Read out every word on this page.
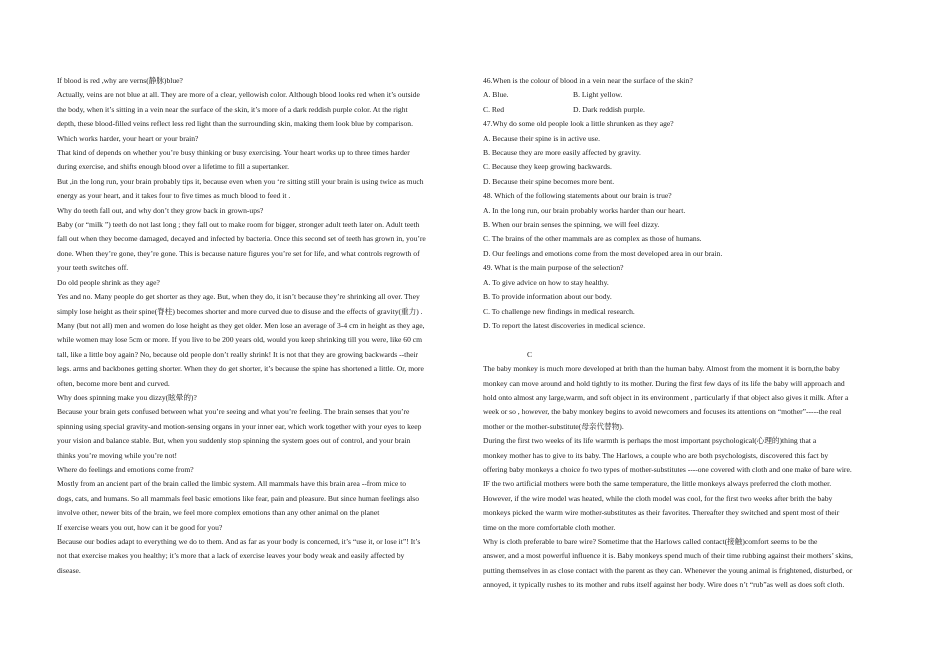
If blood is red ,why are verns(静脉)blue?

Actually, veins are not blue at all. They are more of a clear, yellowish color. Although blood looks red when it’s outside

the body, when it’s sitting in a vein near the surface of the skin, it’s more of a dark reddish purple color. At the right

depth, these blood-filled veins reflect less red light than the surrounding skin, making them look blue by comparison.

Which works harder, your heart or your brain?

That kind of depends on whether you’re busy thinking or busy exercising. Your heart works up to three times harder

during exercise, and shifts enough blood over a lifetime to fill a supertanker.

But ,in the long run, your brain probably tips it, because even when you ‘re sitting still your brain is using twice as much

energy as your heart, and it takes four to five times as much blood to feed it .

Why do teeth fall out, and why don’t they grow back in grown-ups?

Baby (or “milk ”) teeth do not last long ; they fall out to make room for bigger, stronger adult teeth later on. Adult teeth

fall out when they become damaged, decayed and infected by bacteria. Once this second set of teeth has grown in, you’re

done. When they’re gone, they’re gone. This is because nature figures you’re set for life, and what controls regrowth of

your teeth switches off.

Do old people shrink as they age?

Yes and no. Many people do get shorter as they age. But, when they do, it isn’t because they’re shrinking all over. They

simply lose height as their spine(脊柱) becomes shorter and more curved due to disuse and the effects of gravity(重力) .

Many (but not all) men and women do lose height as they get older. Men lose an average of 3-4 cm in height as they age,

while women may lose 5cm or more. If you live to be 200 years old, would you keep shrinking till you were, like 60 cm

tall, like a little boy again? No, because old people don’t really shrink! It is not that they are growing backwards --their

legs. arms and backbones getting shorter. When they do get shorter, it’s because the spine has shortened a little. Or, more

often, become more bent and curved.

Why does spinning make you dizzy(眩晕的)?

Because your brain gets confused between what you’re seeing and what you’re feeling. The brain senses that you’re

spinning using special gravity-and motion-sensing organs in your inner ear, which work together with your eyes to keep

your vision and balance stable. But, when you suddenly stop spinning the system goes out of control, and your brain

thinks you’re moving while you’re not!

Where do feelings and emotions come from?

Mostly from an ancient part of the brain called the limbic system. All mammals have this brain area --from mice to

dogs, cats, and humans. So all mammals feel basic emotions like fear, pain and pleasure. But since human feelings also

involve other, newer bits of the brain, we feel more complex emotions than any other animal on the planet

If exercise wears you out, how can it be good for you?

Because our bodies adapt to everything we do to them. And as far as your body is concerned, it’s “use it, or lose it”! It’s

not that exercise makes you healthy; it’s more that a lack of exercise leaves your body weak and easily affected by

disease.

46.When is the colour of blood in a vein near the surface of the skin?

A. Blue.	B. Light yellow.
C. Red	D. Dark reddish purple.

47.Why do some old people look a little shrunken as they age?

A. Because their spine is in active use.

B. Because they are more easily affected by gravity.

C. Because they keep growing backwards.

D. Because their spine becomes more bent.

48. Which of the following statements about our brain is true?

A. In the long run, our brain probably works harder than our heart.

B. When our brain senses the spinning, we will feel dizzy.

C. The brains of the other mammals are as complex as those of humans.

D. Our feelings and emotions come from the most developed area in our brain.

49. What is the main purpose of the selection?

A. To give advice on how to stay healthy.

B. To provide information about our body.

C. To challenge new findings in medical research.

D. To report the latest discoveries in medical science.

C

The baby monkey is much more developed at brith than the human baby. Almost from the moment it is born,the baby

monkey can move around and hold tightly to its mother. During the first few days of its life the baby will approach and

hold onto almost any large,warm, and soft object in its environment , particularly if that object also gives it milk. After a

week or so , however, the baby monkey begins to avoid newcomers and focuses its attentions on “mother”-----the real

mother or the mother-substitute(母亲代替物).

During the first two weeks of its life warmth is perhaps the most important psychological(心理的)thing that a

monkey mother has to give to its baby. The Harlows, a couple who are both psychologists, discovered this fact by

offering baby monkeys a choice fo two types of mother-substitutes ----one covered with cloth and one make of bare wire.

IF the two artificial mothers were both the same temperature, the little monkeys always preferred the cloth mother.

However, if the wire model was heated, while the cloth model was cool, for the first two weeks after brith the baby

monkeys picked the warm wire mother-substitutes as their favorites. Thereafter they switched and spent most of their

time on the more comfortable cloth mother.

Why is cloth preferable to bare wire? Sometime that the Harlows called contact(接触)comfort seems to be the

answer, and a most powerful influence it is. Baby monkeys spend much of their time rubbing against their mothers’ skins,

putting themselves in as close contact with the parent as they can. Whenever the young animal is frightened, disturbed, or

annoyed, it typically rushes to its mother and rubs itself against her body. Wire does n’t “rub”as well as does soft cloth.
